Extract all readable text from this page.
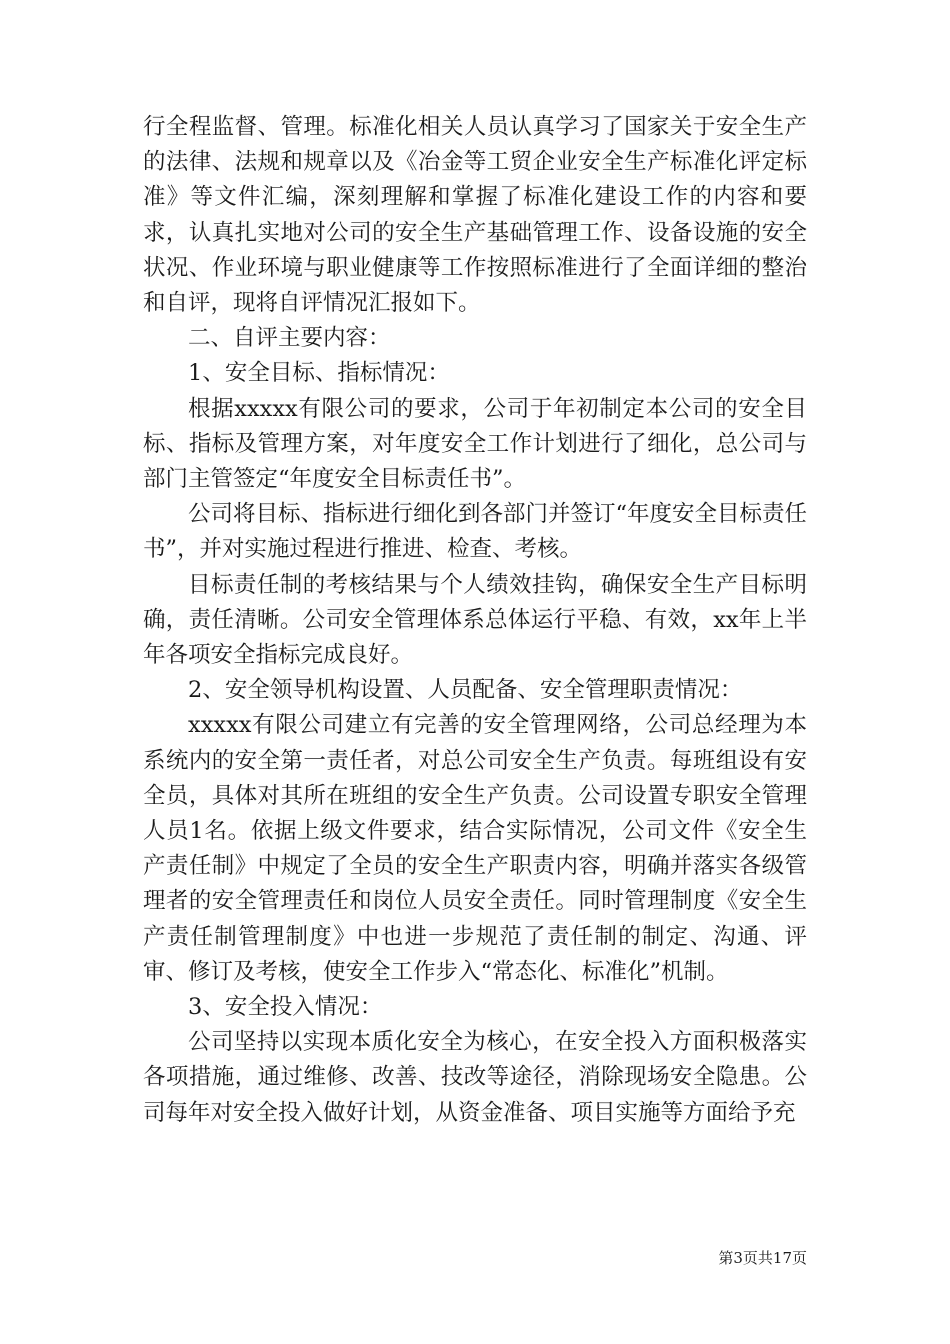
行全程监督、管理。标准化相关人员认真学习了国家关于安全生产的法律、法规和规章以及《冶金等工贸企业安全生产标准化评定标准》等文件汇编，深刻理解和掌握了标准化建设工作的内容和要求，认真扎实地对公司的安全生产基础管理工作、设备设施的安全状况、作业环境与职业健康等工作按照标准进行了全面详细的整治和自评，现将自评情况汇报如下。

二、自评主要内容：

1、安全目标、指标情况：

根据xxxxx有限公司的要求，公司于年初制定本公司的安全目标、指标及管理方案，对年度安全工作计划进行了细化，总公司与部门主管签定“年度安全目标责任书”。

公司将目标、指标进行细化到各部门并签订“年度安全目标责任书”，并对实施过程进行推进、检查、考核。

目标责任制的考核结果与个人绩效挂钩，确保安全生产目标明确，责任清晰。公司安全管理体系总体运行平稳、有效，xx年上半年各项安全指标完成良好。

2、安全领导机构设置、人员配备、安全管理职责情况：

xxxxx有限公司建立有完善的安全管理网络，公司总经理为本系统内的安全第一责任者，对总公司安全生产负责。每班组设有安全员，具体对其所在班组的安全生产负责。公司设置专职安全管理人员1名。依据上级文件要求，结合实际情况，公司文件《安全生产责任制》中规定了全员的安全生产职责内容，明确并落实各级管理者的安全管理责任和岗位人员安全责任。同时管理制度《安全生产责任制管理制度》中也进一步规范了责任制的制定、沟通、评审、修订及考核，使安全工作步入“常态化、标准化”机制。

3、安全投入情况：

公司坚持以实现本质化安全为核心，在安全投入方面积极落实各项措施，通过维修、改善、技改等途径，消除现场安全隐患。公司每年对安全投入做好计划，从资金准备、项目实施等方面给予充

第3页共17页
